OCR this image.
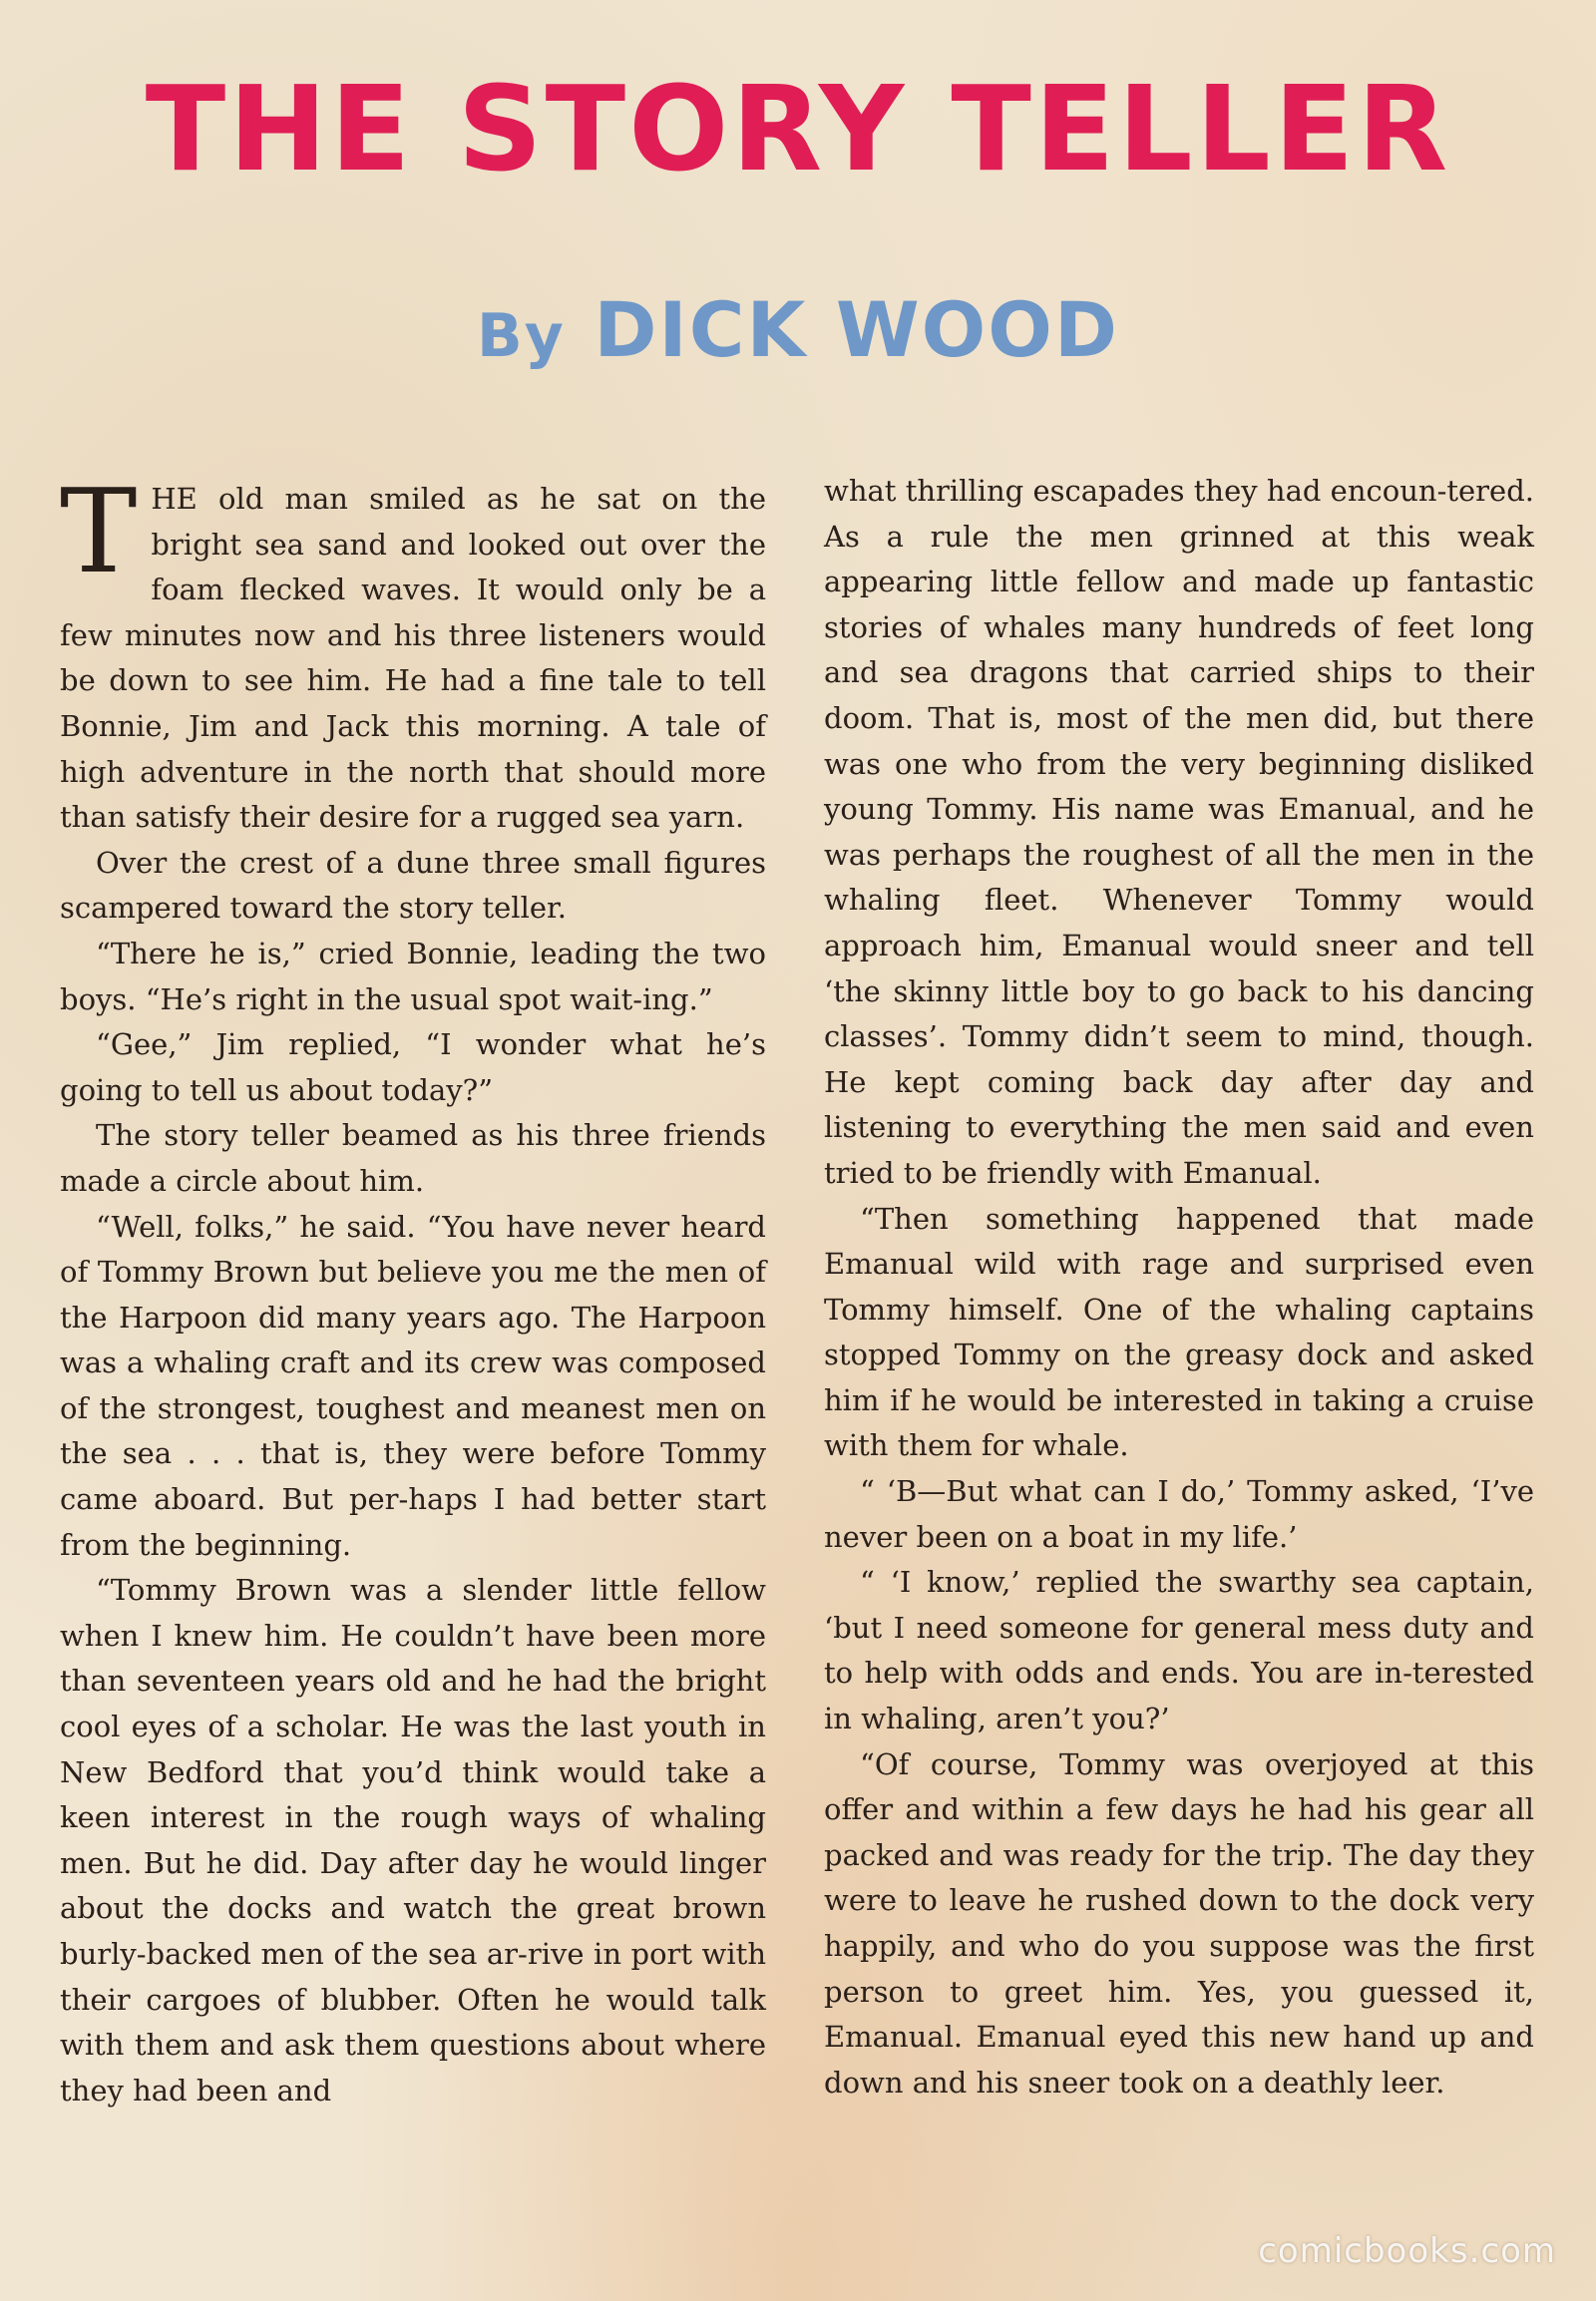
THE STORY TELLER
By DICK WOOD

THE old man smiled as he sat on the bright sea sand and looked out over the foam flecked waves. It would only be a few minutes now and his three listeners would be down to see him. He had a fine tale to tell Bonnie, Jim and Jack this morning. A tale of high adventure in the north that should more than satisfy their desire for a rugged sea yarn.

Over the crest of a dune three small figures scampered toward the story teller.

“There he is,” cried Bonnie, leading the two boys. “He’s right in the usual spot wait-ing.”

“Gee,” Jim replied, “I wonder what he’s going to tell us about today?”

The story teller beamed as his three friends made a circle about him.

“Well, folks,” he said. “You have never heard of Tommy Brown but believe you me the men of the Harpoon did many years ago. The Harpoon was a whaling craft and its crew was composed of the strongest, toughest and meanest men on the sea . . . that is, they were before Tommy came aboard. But per-haps I had better start from the beginning.

“Tommy Brown was a slender little fellow when I knew him. He couldn’t have been more than seventeen years old and he had the bright cool eyes of a scholar. He was the last youth in New Bedford that you’d think would take a keen interest in the rough ways of whaling men. But he did. Day after day he would linger about the docks and watch the great brown burly-backed men of the sea ar-rive in port with their cargoes of blubber. Often he would talk with them and ask them questions about where they had been and

what thrilling escapades they had encoun-tered. As a rule the men grinned at this weak appearing little fellow and made up fantastic stories of whales many hundreds of feet long and sea dragons that carried ships to their doom. That is, most of the men did, but there was one who from the very beginning disliked young Tommy. His name was Emanual, and he was perhaps the roughest of all the men in the whaling fleet. Whenever Tommy would approach him, Emanual would sneer and tell ‘the skinny little boy to go back to his dancing classes’. Tommy didn’t seem to mind, though. He kept coming back day after day and listening to everything the men said and even tried to be friendly with Emanual.

“Then something happened that made Emanual wild with rage and surprised even Tommy himself. One of the whaling captains stopped Tommy on the greasy dock and asked him if he would be interested in taking a cruise with them for whale.

“ ‘B—But what can I do,’ Tommy asked, ‘I’ve never been on a boat in my life.’

“ ‘I know,’ replied the swarthy sea captain, ‘but I need someone for general mess duty and to help with odds and ends. You are in-terested in whaling, aren’t you?’

“Of course, Tommy was overjoyed at this offer and within a few days he had his gear all packed and was ready for the trip. The day they were to leave he rushed down to the dock very happily, and who do you suppose was the first person to greet him. Yes, you guessed it, Emanual. Emanual eyed this new hand up and down and his sneer took on a deathly leer.

comicbooks.com
